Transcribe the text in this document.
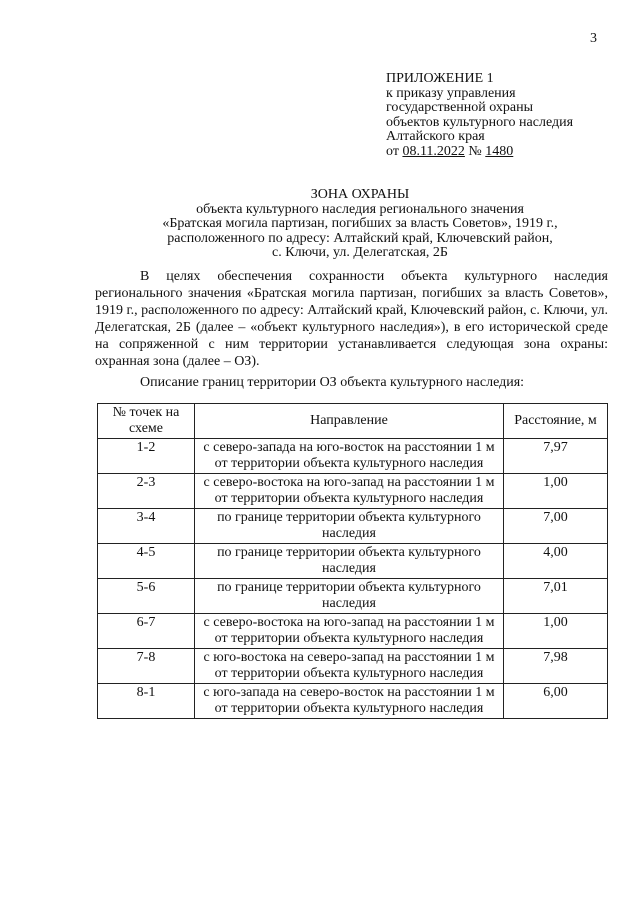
3
ПРИЛОЖЕНИЕ 1
к приказу управления
государственной охраны
объектов культурного наследия
Алтайского края
от 08.11.2022 № 1480
ЗОНА ОХРАНЫ
объекта культурного наследия регионального значения
«Братская могила партизан, погибших за власть Советов», 1919 г.,
расположенного по адресу: Алтайский край, Ключевский район,
с. Ключи, ул. Делегатская, 2Б

В целях обеспечения сохранности объекта культурного наследия регионального значения «Братская могила партизан, погибших за власть Советов», 1919 г., расположенного по адресу: Алтайский край, Ключевский район, с. Ключи, ул. Делегатская, 2Б (далее – «объект культурного наследия»), в его исторической среде на сопряженной с ним территории устанавливается следующая зона охраны: охранная зона (далее – ОЗ).

Описание границ территории ОЗ объекта культурного наследия:
№ точек на схеме	Направление	Расстояние, м
1-2	с северо-запада на юго-восток на расстоянии 1 м от территории объекта культурного наследия	7,97
2-3	с северо-востока на юго-запад на расстоянии 1 м от территории объекта культурного наследия	1,00
3-4	по границе территории объекта культурного наследия	7,00
4-5	по границе территории объекта культурного наследия	4,00
5-6	по границе территории объекта культурного наследия	7,01
6-7	с северо-востока на юго-запад на расстоянии 1 м от территории объекта культурного наследия	1,00
7-8	с юго-востока на северо-запад на расстоянии 1 м от территории объекта культурного наследия	7,98
8-1	с юго-запада на северо-восток на расстоянии 1 м от территории объекта культурного наследия	6,00
